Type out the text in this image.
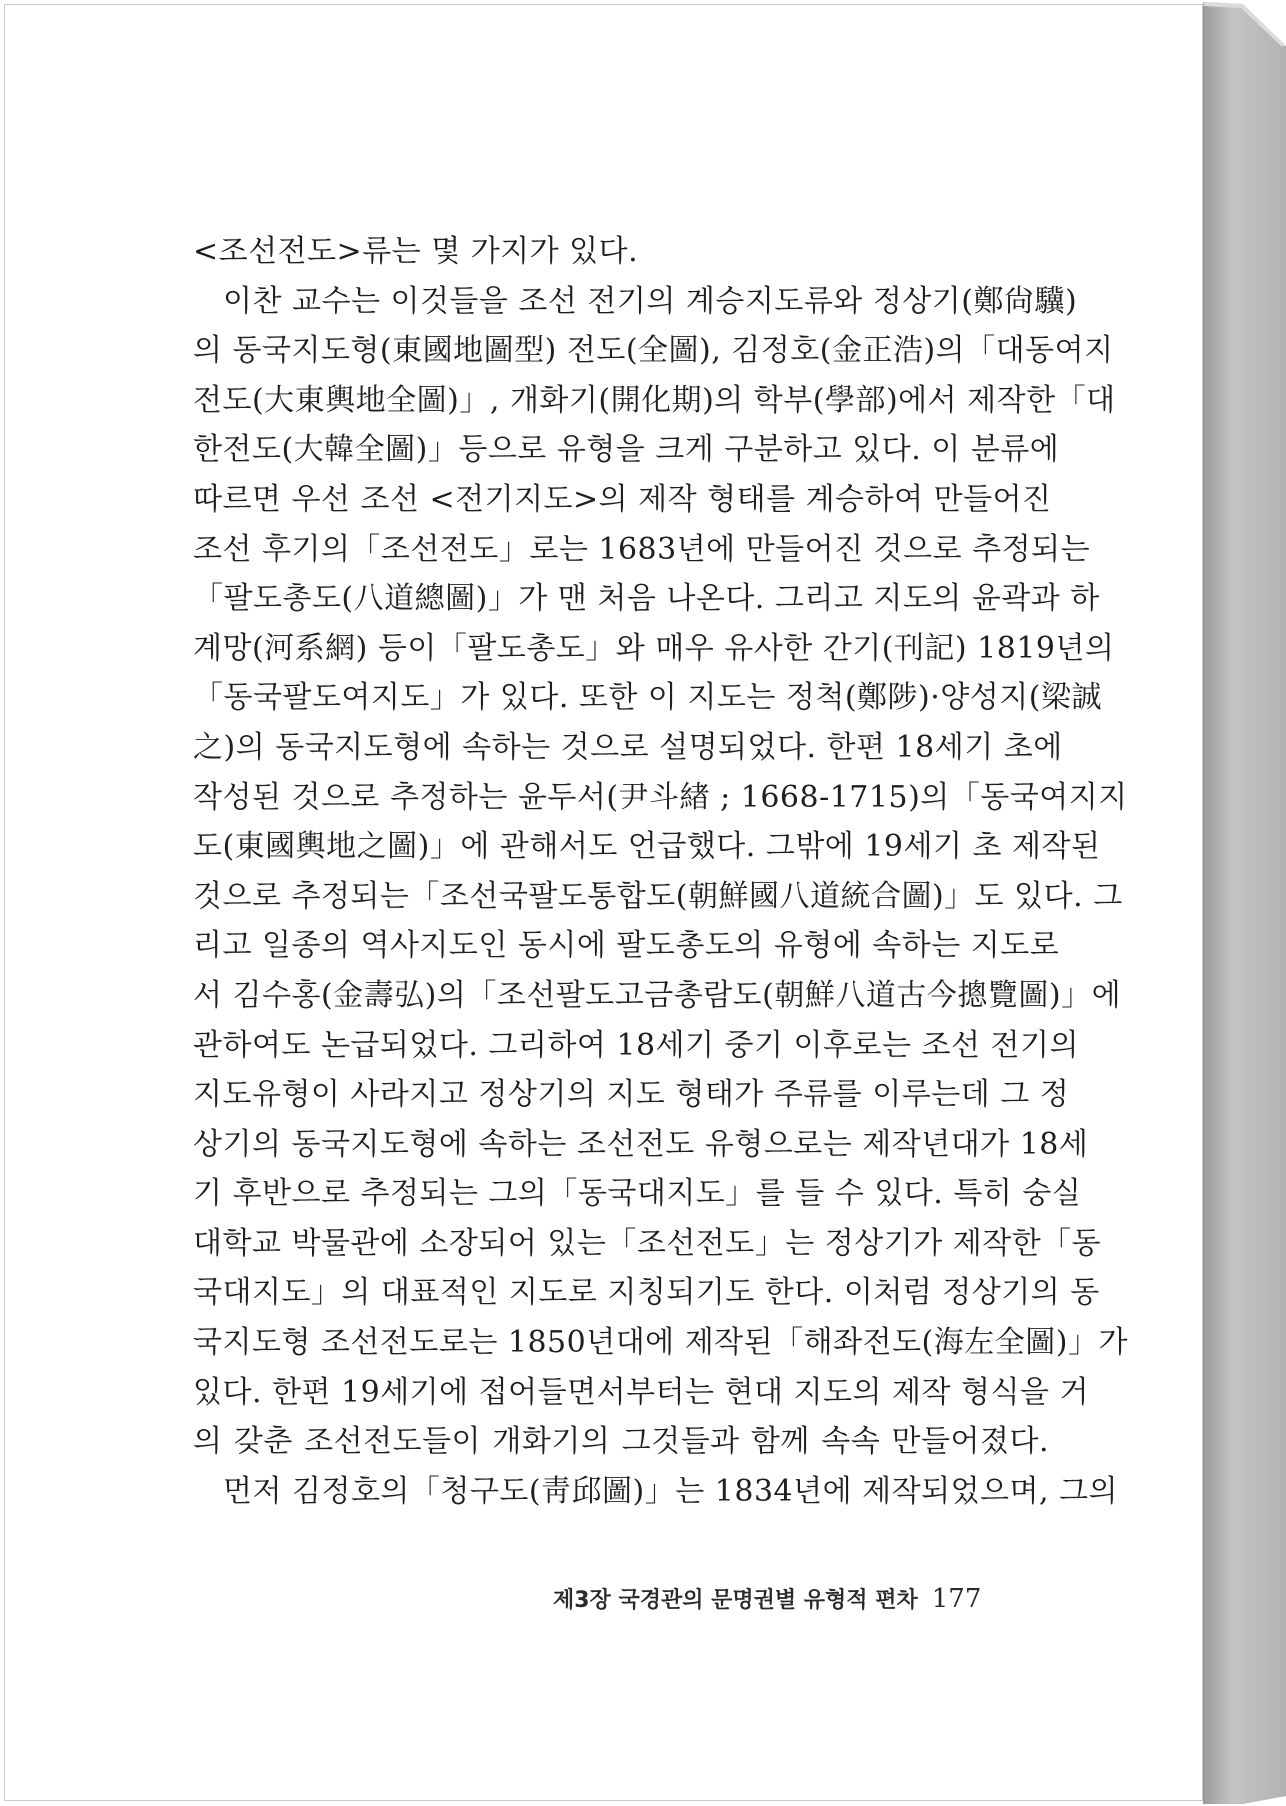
<조선전도>류는 몇 가지가 있다.
이찬 교수는 이것들을 조선 전기의 계승지도류와 정상기(鄭尙驥)
의 동국지도형(東國地圖型) 전도(全圖), 김정호(金正浩)의「대동여지
전도(大東輿地全圖)」, 개화기(開化期)의 학부(學部)에서 제작한「대
한전도(大韓全圖)」등으로 유형을 크게 구분하고 있다. 이 분류에
따르면 우선 조선 <전기지도>의 제작 형태를 계승하여 만들어진
조선 후기의「조선전도」로는 1683년에 만들어진 것으로 추정되는
「팔도총도(八道總圖)」가 맨 처음 나온다. 그리고 지도의 윤곽과 하
계망(河系網) 등이「팔도총도」와 매우 유사한 간기(刊記) 1819년의
「동국팔도여지도」가 있다. 또한 이 지도는 정척(鄭陟)·양성지(梁誠
之)의 동국지도형에 속하는 것으로 설명되었다. 한편 18세기 초에
작성된 것으로 추정하는 윤두서(尹斗緖 ; 1668-1715)의「동국여지지
도(東國輿地之圖)」에 관해서도 언급했다. 그밖에 19세기 초 제작된
것으로 추정되는「조선국팔도통합도(朝鮮國八道統合圖)」도 있다. 그
리고 일종의 역사지도인 동시에 팔도총도의 유형에 속하는 지도로
서 김수홍(金壽弘)의「조선팔도고금총람도(朝鮮八道古今摠覽圖)」에
관하여도 논급되었다. 그리하여 18세기 중기 이후로는 조선 전기의
지도유형이 사라지고 정상기의 지도 형태가 주류를 이루는데 그 정
상기의 동국지도형에 속하는 조선전도 유형으로는 제작년대가 18세
기 후반으로 추정되는 그의「동국대지도」를 들 수 있다. 특히 숭실
대학교 박물관에 소장되어 있는「조선전도」는 정상기가 제작한「동
국대지도」의 대표적인 지도로 지칭되기도 한다. 이처럼 정상기의 동
국지도형 조선전도로는 1850년대에 제작된「해좌전도(海左全圖)」가
있다. 한편 19세기에 접어들면서부터는 현대 지도의 제작 형식을 거
의 갖춘 조선전도들이 개화기의 그것들과 함께 속속 만들어졌다.
먼저 김정호의「청구도(靑邱圖)」는 1834년에 제작되었으며, 그의
제3장 국경관의 문명권별 유형적 편차 177
